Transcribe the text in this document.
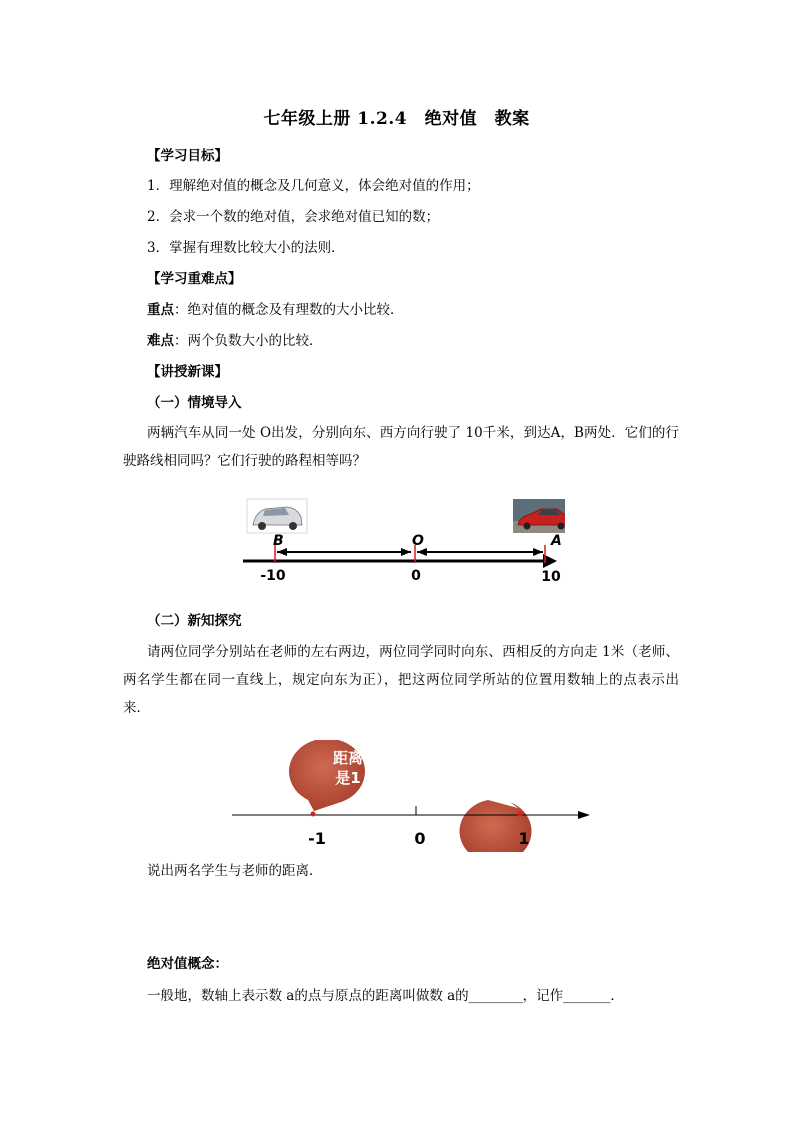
七年级上册 1.2.4　绝对值　教案
【学习目标】
1．理解绝对值的概念及几何意义，体会绝对值的作用；
2．会求一个数的绝对值，会求绝对值已知的数；
3．掌握有理数比较大小的法则．
【学习重难点】
重点：绝对值的概念及有理数的大小比较．
难点：两个负数大小的比较．
【讲授新课】
（一）情境导入
两辆汽车从同一处 O出发，分别向东、西方向行驶了 10千米，到达A，B两处．它们的行驶路线相同吗？它们行驶的路程相等吗？
B	O	A
-10	0	10
（二）新知探究
请两位同学分别站在老师的左右两边，两位同学同时向东、西相反的方向走 1米（老师、两名学生都在同一直线上，规定向东为正），把这两位同学所站的位置用数轴上的点表示出来．
距离
是1
距离
是1
-1	0	1
说出两名学生与老师的距离．
绝对值概念：
一般地，数轴上表示数 a的点与原点的距离叫做数 a的________，记作_______．
